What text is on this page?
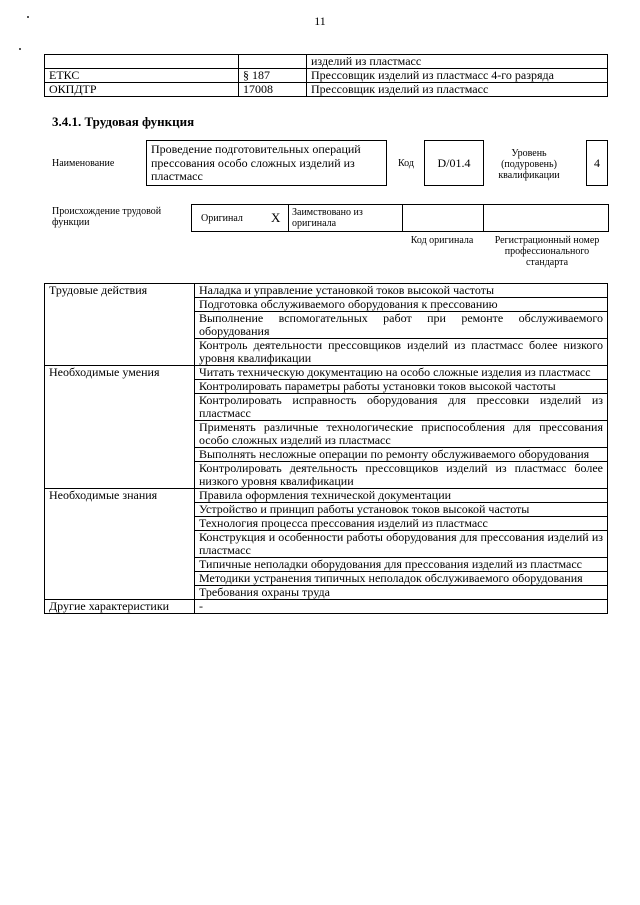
11
		изделий из пластмасс
ЕТКС	§ 187	Прессовщик изделий из пластмасс 4-го разряда
ОКПДТР	17008	Прессовщик изделий из пластмасс
3.4.1. Трудовая функция
Наименование
Проведение подготовительных операций прессования особо сложных изделий из пластмасс
Код	D/01.4
Уровень (подуровень) квалификации
4
Происхождение трудовой функции	Оригинал X Заимствовано из оригинала
Код оригинала	Регистрационный номер профессионального стандарта
Трудовые действия	Наладка и управление установкой токов высокой частоты
	Подготовка обслуживаемого оборудования к прессованию
	Выполнение вспомогательных работ при ремонте обслуживаемого оборудования
	Контроль деятельности прессовщиков изделий из пластмасс более низкого уровня квалификации
Необходимые умения	Читать техническую документацию на особо сложные изделия из пластмасс
	Контролировать параметры работы установки токов высокой частоты
	Контролировать исправность оборудования для прессовки изделий из пластмасс
	Применять различные технологические приспособления для прессования особо сложных изделий из пластмасс
	Выполнять несложные операции по ремонту обслуживаемого оборудования
	Контролировать деятельность прессовщиков изделий из пластмасс более низкого уровня квалификации
Необходимые знания	Правила оформления технической документации
	Устройство и принцип работы установок токов высокой частоты
	Технология процесса прессования изделий из пластмасс
	Конструкция и особенности работы оборудования для прессования изделий из пластмасс
	Типичные неполадки оборудования для прессования изделий из пластмасс
	Методики устранения типичных неполадок обслуживаемого оборудования
	Требования охраны труда
Другие характеристики	-
